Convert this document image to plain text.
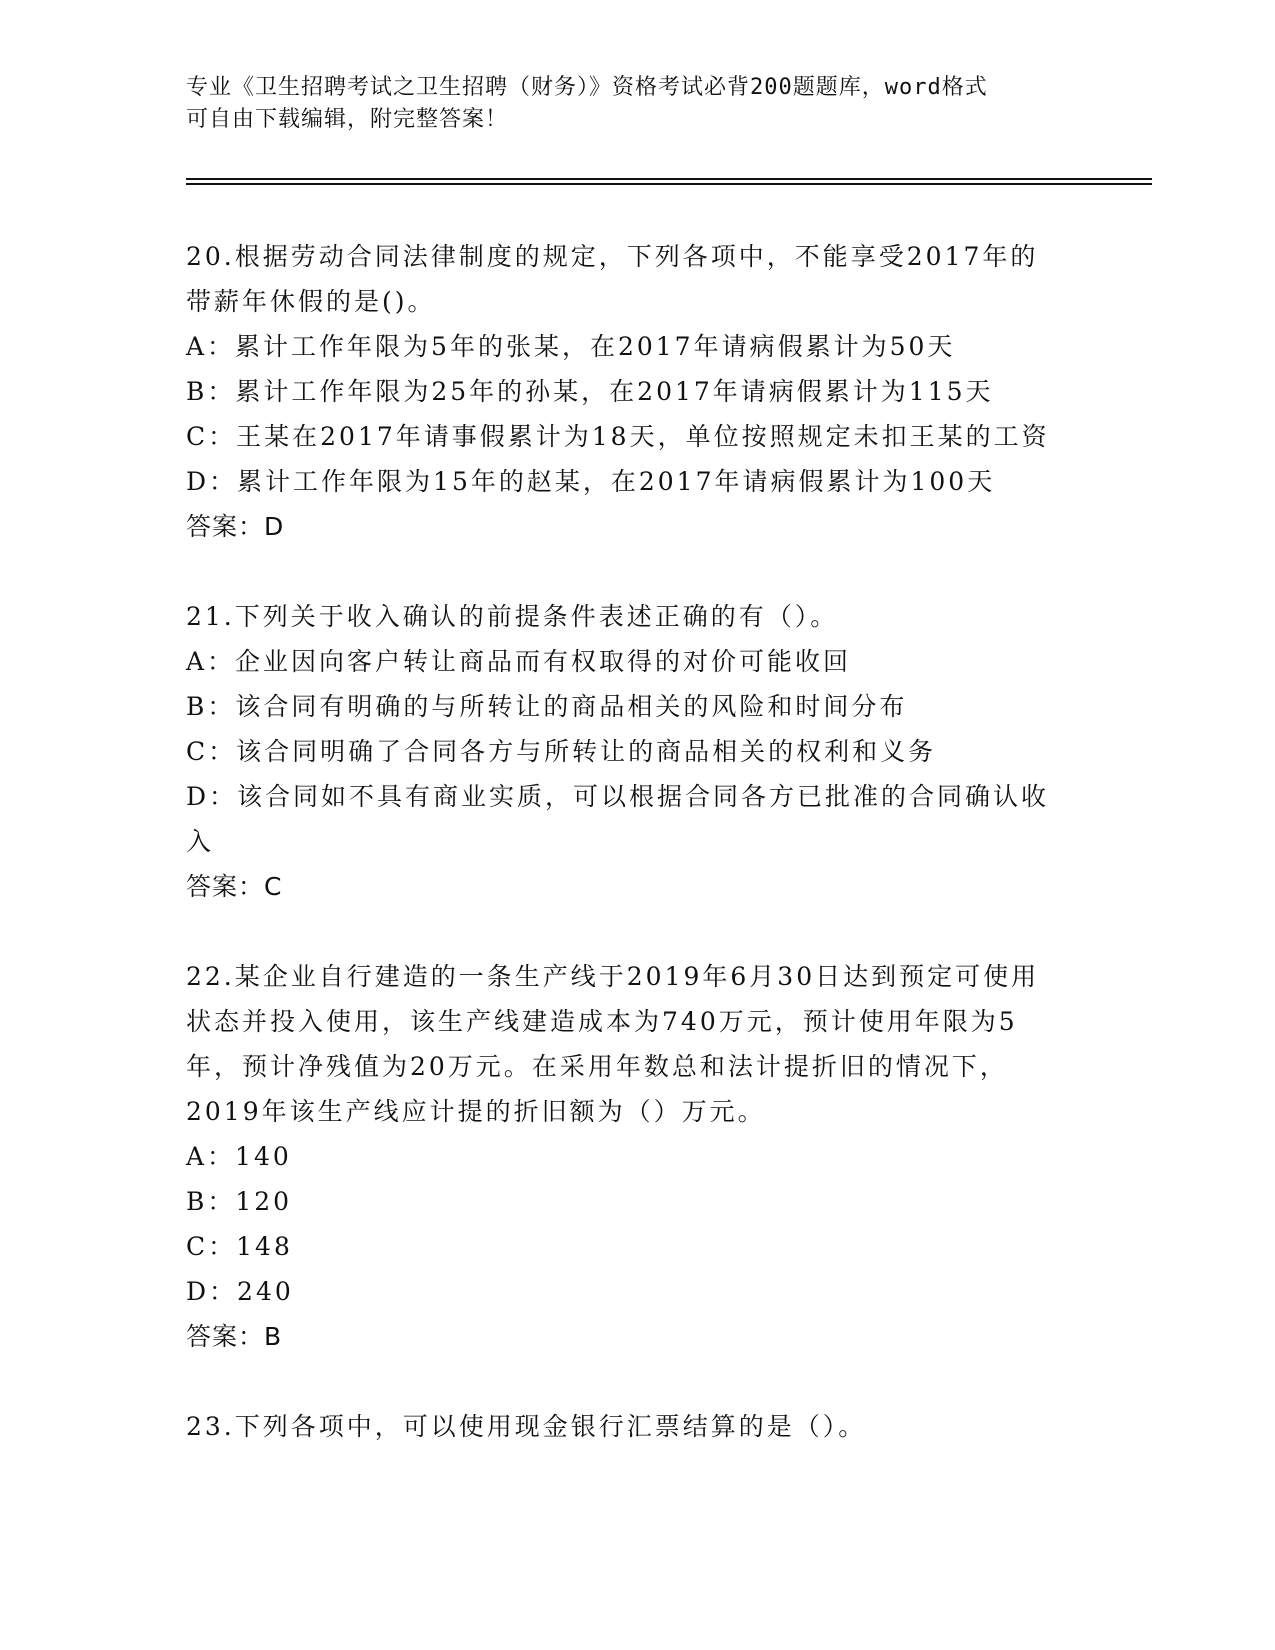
专业《卫生招聘考试之卫生招聘（财务）》资格考试必背200题题库，word格式
可自由下载编辑，附完整答案！
20.根据劳动合同法律制度的规定，下列各项中，不能享受2017年的
带薪年休假的是()。
A：累计工作年限为5年的张某，在2017年请病假累计为50天
B：累计工作年限为25年的孙某，在2017年请病假累计为115天
C：王某在2017年请事假累计为18天，单位按照规定未扣王某的工资
D：累计工作年限为15年的赵某，在2017年请病假累计为100天
答案：D
21.下列关于收入确认的前提条件表述正确的有（）。
A：企业因向客户转让商品而有权取得的对价可能收回
B：该合同有明确的与所转让的商品相关的风险和时间分布
C：该合同明确了合同各方与所转让的商品相关的权利和义务
D：该合同如不具有商业实质，可以根据合同各方已批准的合同确认收
入
答案：C
22.某企业自行建造的一条生产线于2019年6月30日达到预定可使用
状态并投入使用，该生产线建造成本为740万元，预计使用年限为5
年，预计净残值为20万元。在采用年数总和法计提折旧的情况下，
2019年该生产线应计提的折旧额为（）万元。
A：140
B：120
C：148
D：240
答案：B
23.下列各项中，可以使用现金银行汇票结算的是（）。
